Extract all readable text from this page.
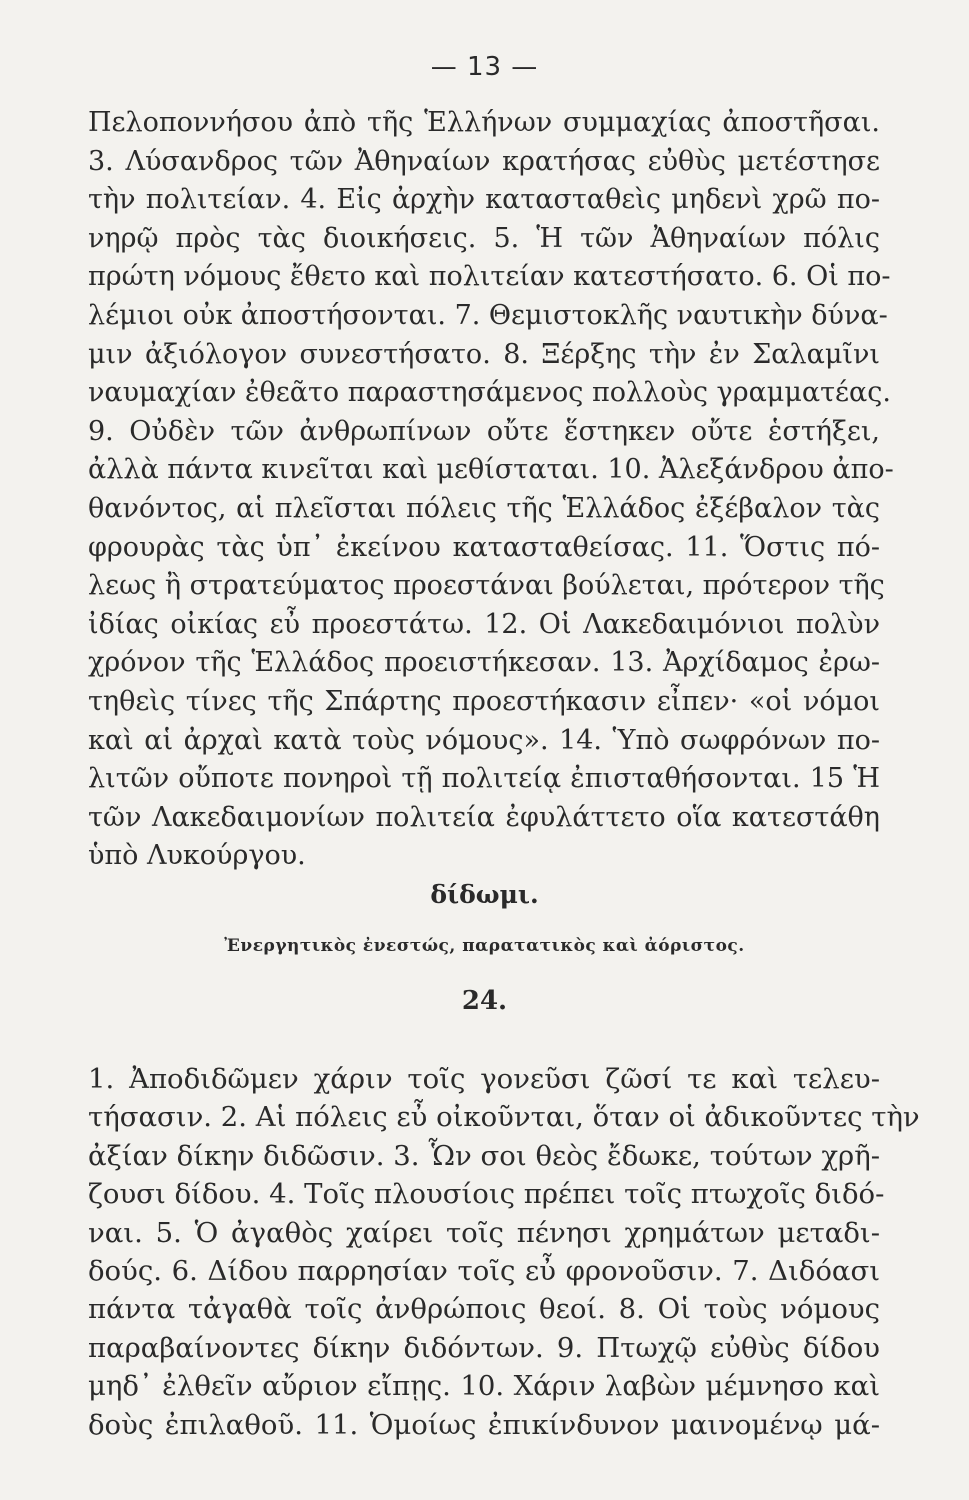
— 13 —
Πελοποννήσου ἀπὸ τῆς Ἑλλήνων συμμαχίας ἀποστῆσαι.
3. Λύσανδρος τῶν Ἀθηναίων κρατήσας εὐθὺς μετέστησε
τὴν πολιτείαν. 4. Εἰς ἀρχὴν κατασταθεὶς μηδενὶ χρῶ πο-
νηρῷ πρὸς τὰς διοικήσεις. 5. Ἡ τῶν Ἀθηναίων πόλις
πρώτη νόμους ἔθετο καὶ πολιτείαν κατεστήσατο. 6. Οἱ πο-
λέμιοι οὐκ ἀποστήσονται. 7. Θεμιστοκλῆς ναυτικὴν δύνα-
μιν ἀξιόλογον συνεστήσατο. 8. Ξέρξης τὴν ἐν Σαλαμῖνι
ναυμαχίαν ἐθεᾶτο παραστησάμενος πολλοὺς γραμματέας.
9. Οὐδὲν τῶν ἀνθρωπίνων οὔτε ἕστηκεν οὔτε ἑστήξει,
ἀλλὰ πάντα κινεῖται καὶ μεθίσταται. 10. Ἀλεξάνδρου ἀπο-
θανόντος, αἱ πλεῖσται πόλεις τῆς Ἑλλάδος ἐξέβαλον τὰς
φρουρὰς τὰς ὑπ᾽ ἐκείνου κατασταθείσας. 11. Ὅστις πό-
λεως ἢ στρατεύματος προεστάναι βούλεται, πρότερον τῆς
ἰδίας οἰκίας εὖ προεστάτω. 12. Οἱ Λακεδαιμόνιοι πολὺν
χρόνον τῆς Ἑλλάδος προειστήκεσαν. 13. Ἀρχίδαμος ἐρω-
τηθεὶς τίνες τῆς Σπάρτης προεστήκασιν εἶπεν· «οἱ νόμοι
καὶ αἱ ἀρχαὶ κατὰ τοὺς νόμους». 14. Ὑπὸ σωφρόνων πο-
λιτῶν οὔποτε πονηροὶ τῇ πολιτείᾳ ἐπισταθήσονται. 15 Ἡ
τῶν Λακεδαιμονίων πολιτεία ἐφυλάττετο οἵα κατεστάθη
ὑπὸ Λυκούργου.
δίδωμι.
Ἐνεργητικὸς ἐνεστώς, παρατατικὸς καὶ ἀόριστος.
24.
1. Ἀποδιδῶμεν χάριν τοῖς γονεῦσι ζῶσί τε καὶ τελευ-
τήσασιν. 2. Αἱ πόλεις εὖ οἰκοῦνται, ὅταν οἱ ἀδικοῦντες τὴν
ἀξίαν δίκην διδῶσιν. 3. Ὧν σοι θεὸς ἔδωκε, τούτων χρῆ-
ζουσι δίδου. 4. Τοῖς πλουσίοις πρέπει τοῖς πτωχοῖς διδό-
ναι. 5. Ὁ ἀγαθὸς χαίρει τοῖς πένησι χρημάτων μεταδι-
δούς. 6. Δίδου παρρησίαν τοῖς εὖ φρονοῦσιν. 7. Διδόασι
πάντα τἀγαθὰ τοῖς ἀνθρώποις θεοί. 8. Οἱ τοὺς νόμους
παραβαίνοντες δίκην διδόντων. 9. Πτωχῷ εὐθὺς δίδου
μηδ᾽ ἐλθεῖν αὔριον εἴπῃς. 10. Χάριν λαβὼν μέμνησο καὶ
δοὺς ἐπιλαθοῦ. 11. Ὁμοίως ἐπικίνδυνον μαινομένῳ μά-
